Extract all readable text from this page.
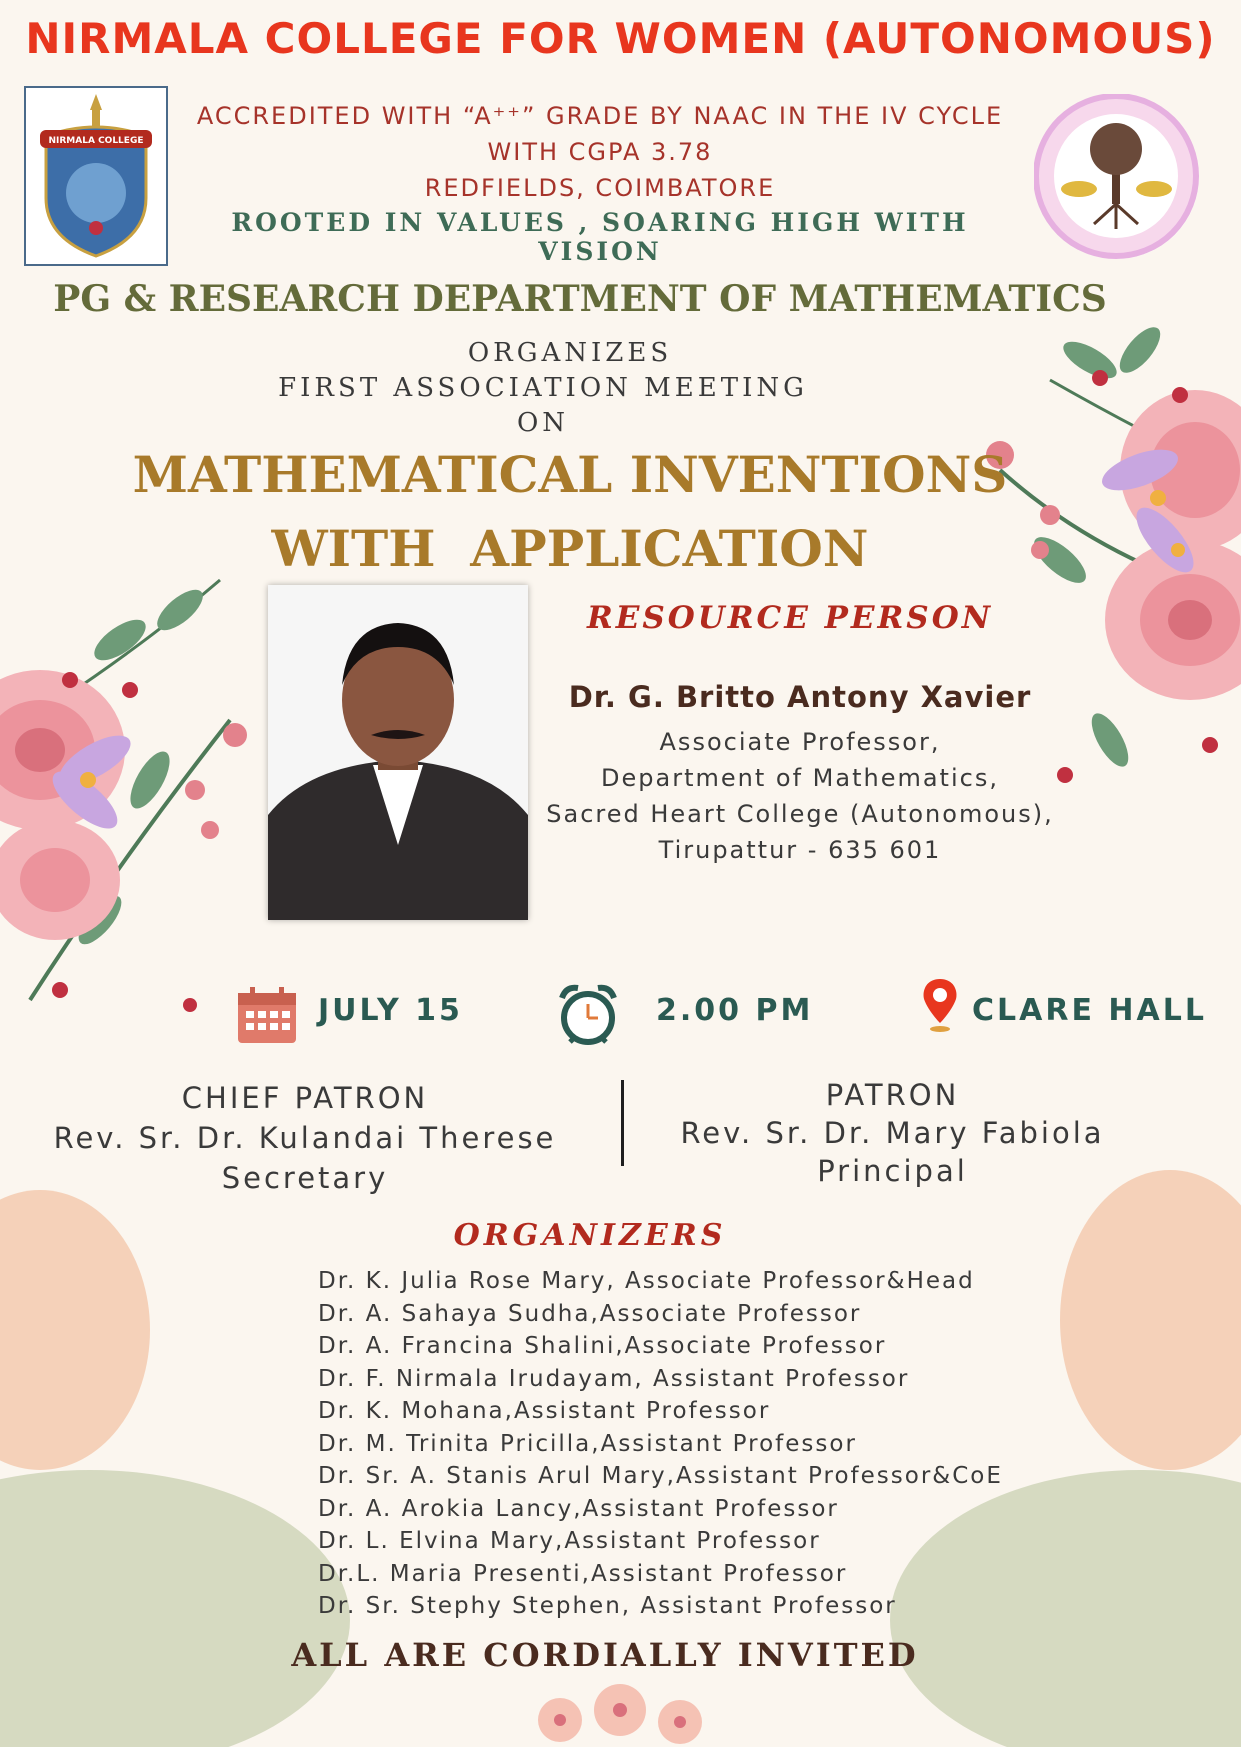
NIRMALA COLLEGE FOR WOMEN (AUTONOMOUS)
NIRMALA COLLEGE
ACCREDITED WITH “A⁺⁺” GRADE BY NAAC IN THE IV CYCLE
WITH CGPA 3.78
REDFIELDS, COIMBATORE
ROOTED IN VALUES , SOARING HIGH WITH VISION
PG & RESEARCH DEPARTMENT OF MATHEMATICS
ORGANIZES
FIRST ASSOCIATION MEETING
ON
MATHEMATICAL INVENTIONS
WITH  APPLICATION
RESOURCE PERSON
Dr. G. Britto Antony Xavier
Associate Professor,
Department of Mathematics,
Sacred Heart College (Autonomous),
Tirupattur - 635 601
JULY 15	2.00 PM	CLARE HALL
CHIEF PATRON
Rev. Sr. Dr. Kulandai Therese
Secretary
PATRON
Rev. Sr. Dr. Mary Fabiola
Principal
ORGANIZERS
Dr. K. Julia Rose Mary, Associate Professor&Head
Dr. A. Sahaya Sudha,Associate Professor
Dr. A. Francina Shalini,Associate Professor
Dr. F. Nirmala Irudayam, Assistant Professor
Dr. K. Mohana,Assistant Professor
Dr. M. Trinita Pricilla,Assistant Professor
Dr. Sr. A. Stanis Arul Mary,Assistant Professor&CoE
Dr. A. Arokia Lancy,Assistant Professor
Dr. L. Elvina Mary,Assistant Professor
Dr.L. Maria Presenti,Assistant Professor
Dr. Sr. Stephy Stephen, Assistant Professor
ALL ARE CORDIALLY INVITED
